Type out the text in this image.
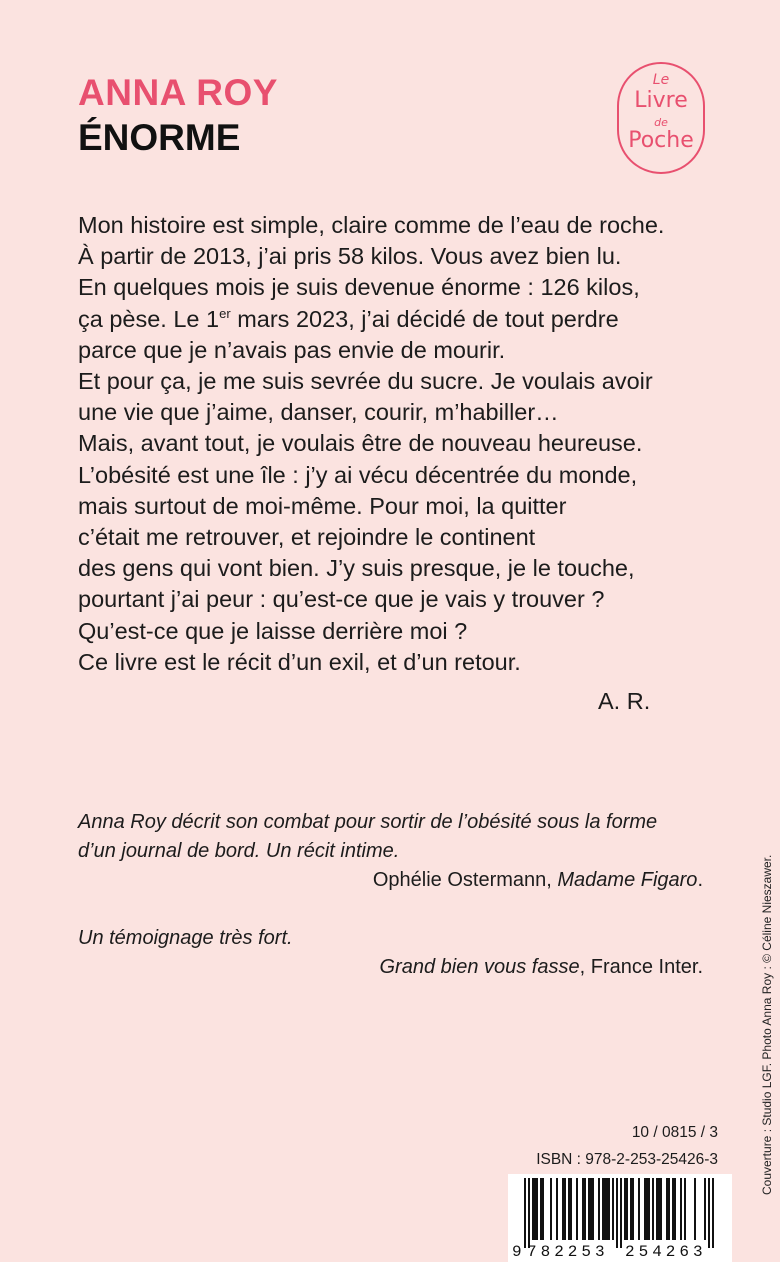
ANNA ROY
ÉNORME
Le
Livre
de
Poche
Mon histoire est simple, claire comme de l’eau de roche.
À partir de 2013, j’ai pris 58 kilos. Vous avez bien lu.
En quelques mois je suis devenue énorme : 126 kilos,
ça pèse. Le 1er mars 2023, j’ai décidé de tout perdre
parce que je n’avais pas envie de mourir.
Et pour ça, je me suis sevrée du sucre. Je voulais avoir
une vie que j’aime, danser, courir, m’habiller…
Mais, avant tout, je voulais être de nouveau heureuse.
L’obésité est une île : j’y ai vécu décentrée du monde,
mais surtout de moi-même. Pour moi, la quitter
c’était me retrouver, et rejoindre le continent
des gens qui vont bien. J’y suis presque, je le touche,
pourtant j’ai peur : qu’est-ce que je vais y trouver ?
Qu’est-ce que je laisse derrière moi ?
Ce livre est le récit d’un exil, et d’un retour.
A. R.
Anna Roy décrit son combat pour sortir de l’obésité sous la forme
d’un journal de bord. Un récit intime.
Ophélie Ostermann, Madame Figaro.
Un témoignage très fort.
Grand bien vous fasse, France Inter.	Couverture : Studio LGF. Photo Anna Roy : © Céline Nieszawer.
10 / 0815 / 3
ISBN : 978-2-253-25426-3
9 782253 254263
